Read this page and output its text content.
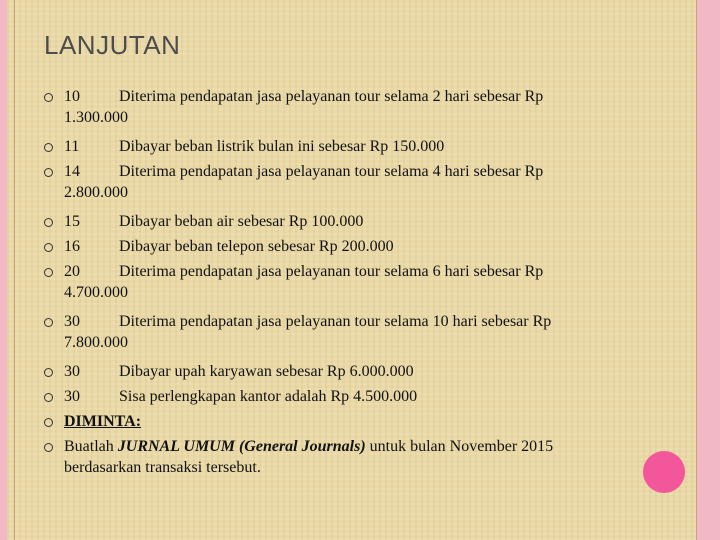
LANJUTAN
10 Diterima pendapatan jasa pelayanan tour selama 2 hari sebesar Rp
1.300.000
11 Dibayar beban listrik bulan ini sebesar Rp 150.000
14 Diterima pendapatan jasa pelayanan tour selama 4 hari sebesar Rp
2.800.000
15 Dibayar beban air sebesar Rp 100.000
16 Dibayar beban telepon sebesar Rp 200.000
20 Diterima pendapatan jasa pelayanan tour selama 6 hari sebesar Rp
4.700.000
30 Diterima pendapatan jasa pelayanan tour selama 10 hari sebesar Rp
7.800.000
30 Dibayar upah karyawan sebesar Rp 6.000.000
30 Sisa perlengkapan kantor adalah Rp 4.500.000
DIMINTA:
Buatlah JURNAL UMUM (General Journals) untuk bulan November 2015
berdasarkan transaksi tersebut.
